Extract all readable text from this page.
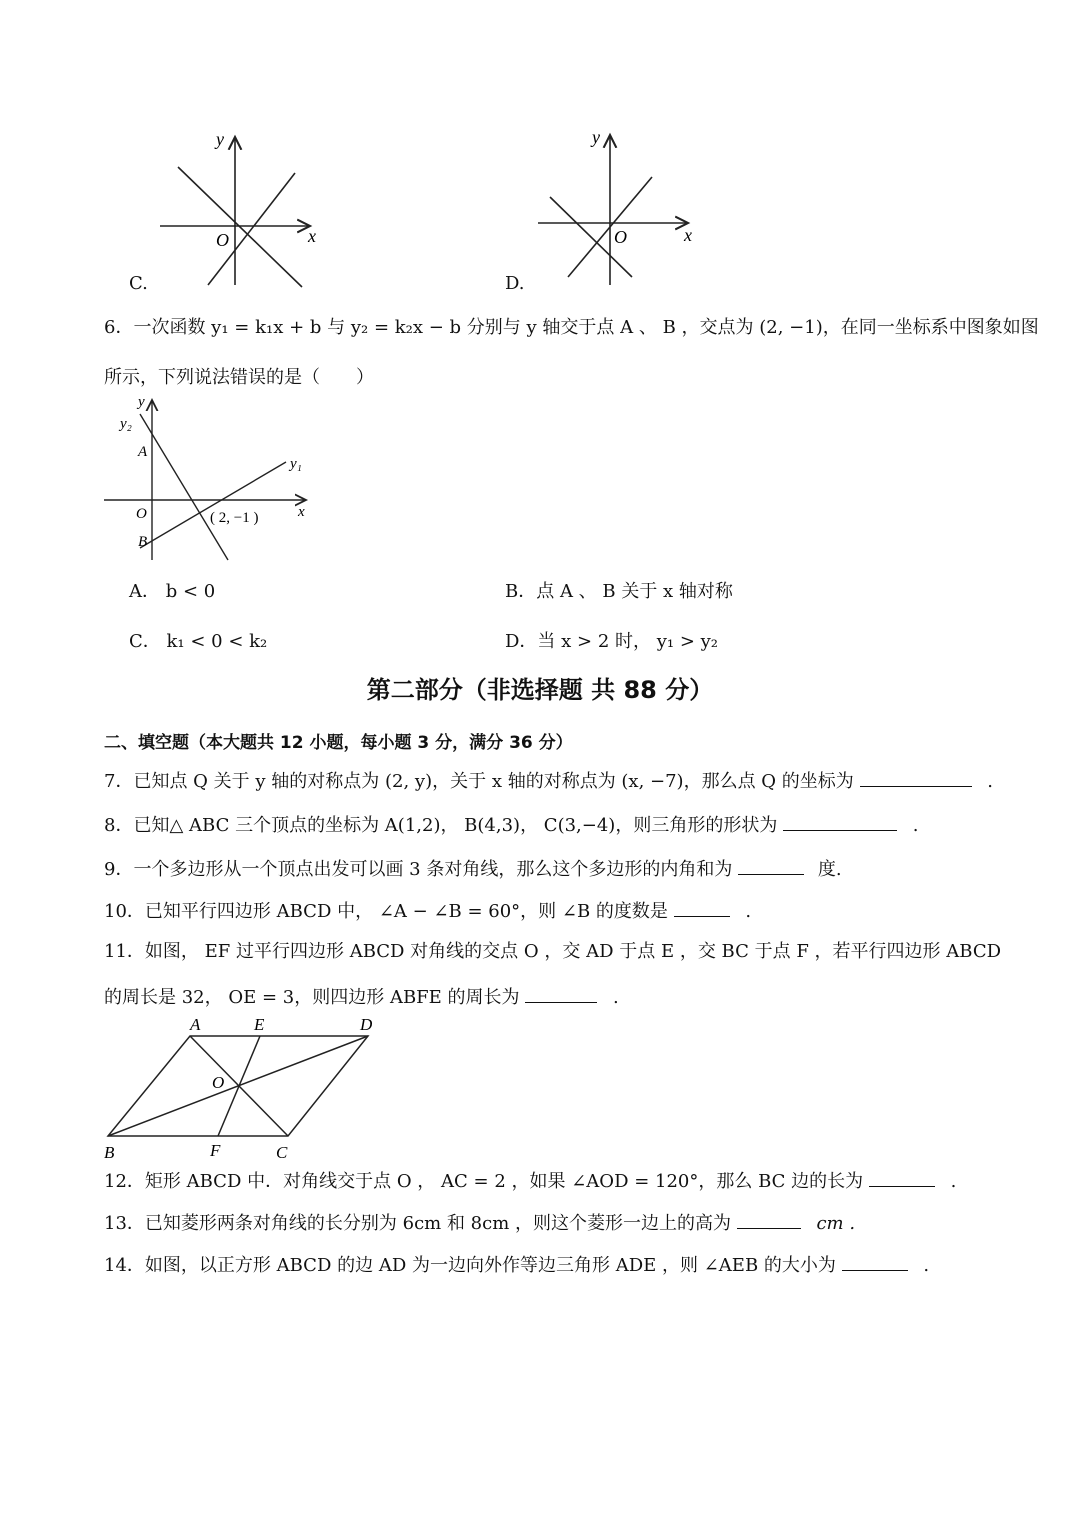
y
x
O
C.
y
x
O
D.
6．一次函数 y₁ = k₁x + b 与 y₂ = k₂x − b 分别与 y 轴交于点 A 、 B ，交点为 (2, −1)，在同一坐标系中图象如图
所示，下列说法错误的是（　　）
y
y₂
y₁
A
O
B
x
( 2, −1 )
A． b < 0	B．点 A 、 B 关于 x 轴对称
C． k₁ < 0 < k₂	D．当 x > 2 时， y₁ > y₂
第二部分（非选择题 共 88 分）
二、填空题（本大题共 12 小题，每小题 3 分，满分 36 分）
7．已知点 Q 关于 y 轴的对称点为 (2, y)，关于 x 轴的对称点为 (x, −7)，那么点 Q 的坐标为	.
8．已知△ ABC 三个顶点的坐标为 A(1,2)， B(4,3)， C(3,−4)，则三角形的形状为	.
9．一个多边形从一个顶点出发可以画 3 条对角线，那么这个多边形的内角和为	度.
10．已知平行四边形 ABCD 中， ∠A − ∠B = 60°，则 ∠B 的度数是	.
11．如图， EF 过平行四边形 ABCD 对角线的交点 O ，交 AD 于点 E ，交 BC 于点 F ，若平行四边形 ABCD
的周长是 32， OE = 3，则四边形 ABFE 的周长为	.
A	E	D
O
B	F	C
12．矩形 ABCD 中．对角线交于点 O ， AC = 2 ，如果 ∠AOD = 120°，那么 BC 边的长为	.
13．已知菱形两条对角线的长分别为 6cm 和 8cm ，则这个菱形一边上的高为	cm .
14．如图，以正方形 ABCD 的边 AD 为一边向外作等边三角形 ADE ，则 ∠AEB 的大小为	.
